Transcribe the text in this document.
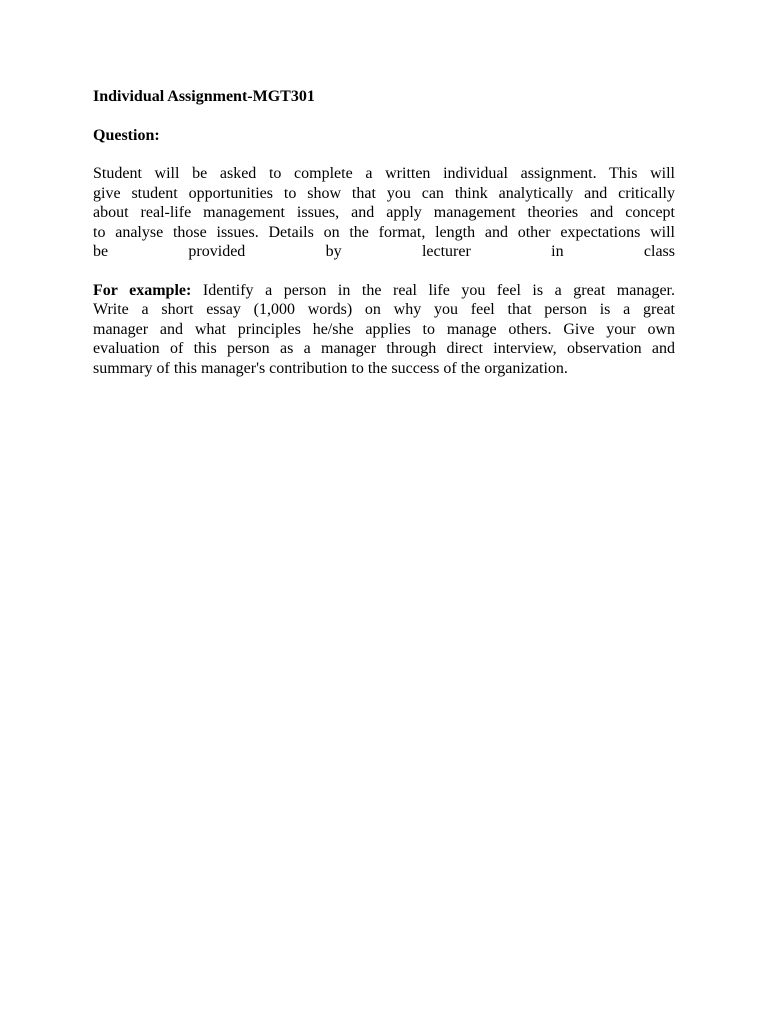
Individual Assignment-MGT301
Question:
Student will be asked to complete a written individual assignment. This will
give student opportunities to show that you can think analytically and critically
about real-life management issues, and apply management theories and concept
to analyse those issues. Details on the format, length and other expectations will
be provided by lecturer in class
For example: Identify a person in the real life you feel is a great manager.
Write a short essay (1,000 words) on why you feel that person is a great
manager and what principles he/she applies to manage others. Give your own
evaluation of this person as a manager through direct interview, observation and
summary of this manager's contribution to the success of the organization.
